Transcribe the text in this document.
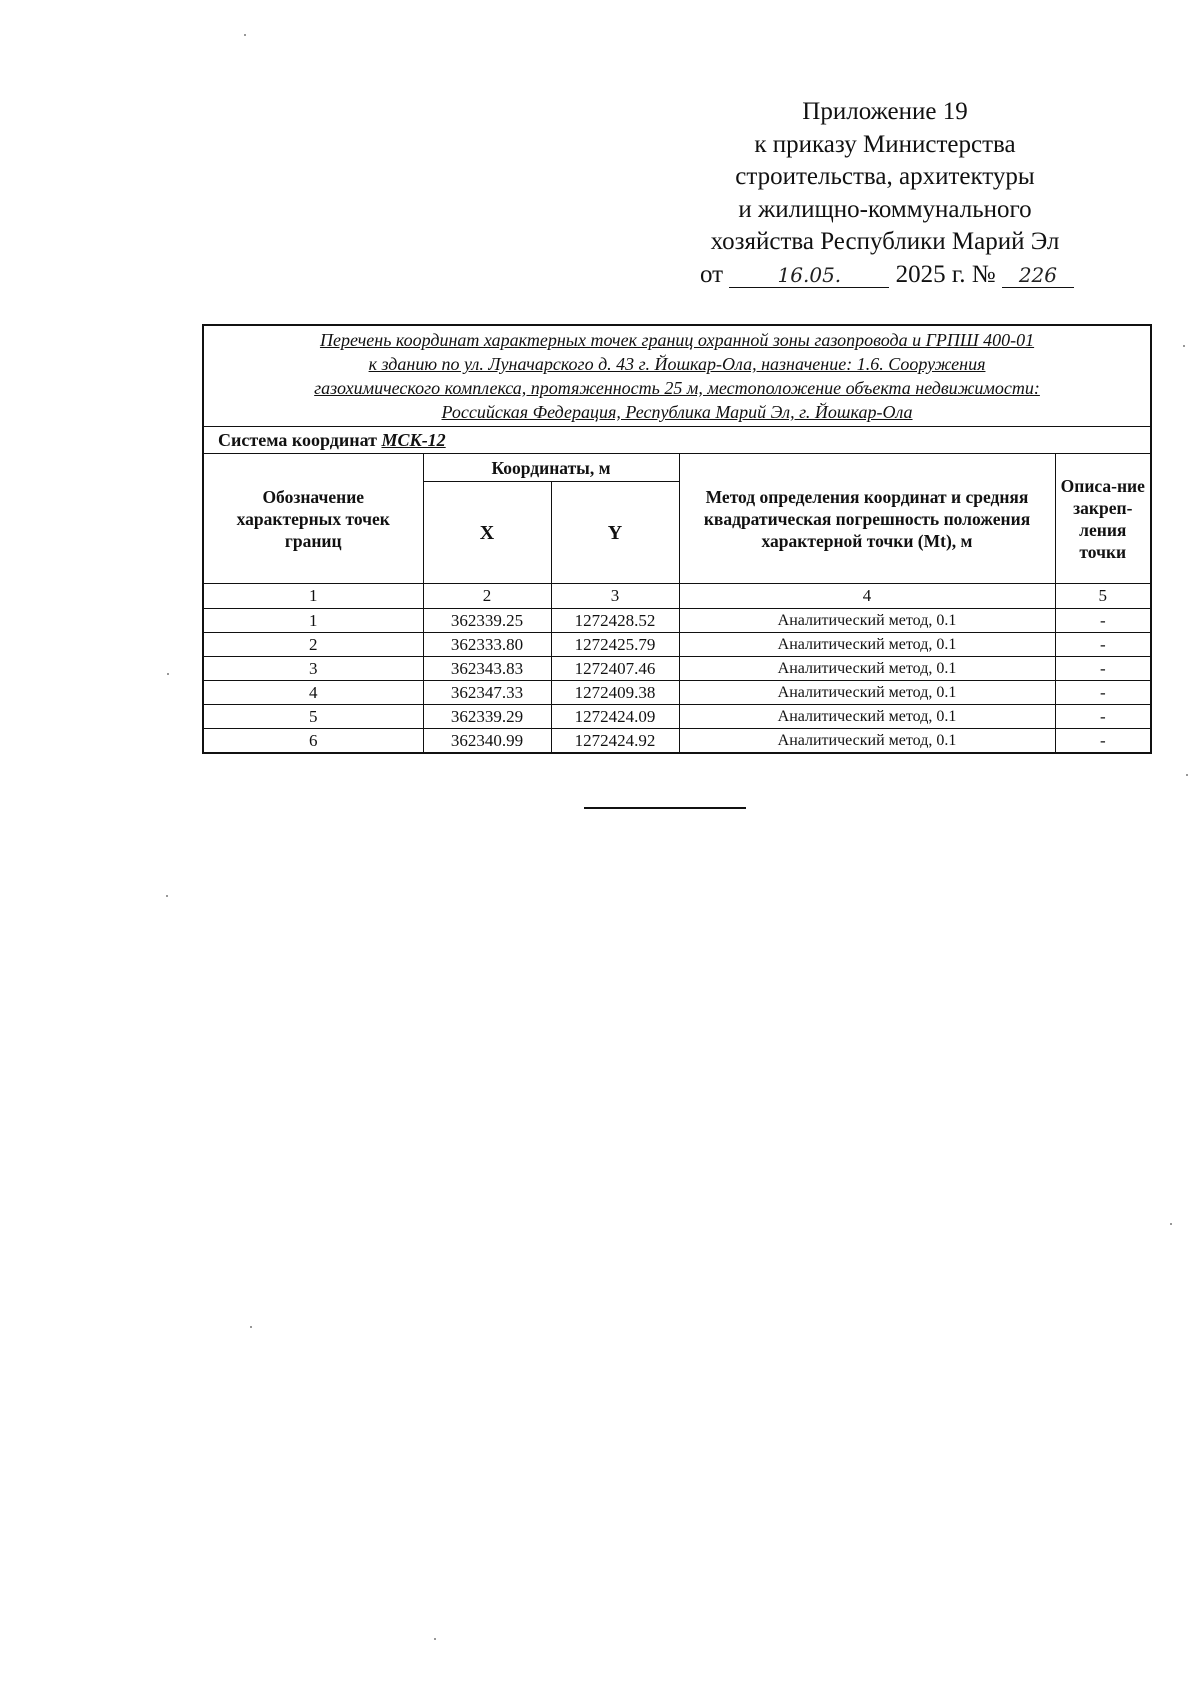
Приложение 19
к приказу Министерства
строительства, архитектуры
и жилищно-коммунального
хозяйства Республики Марий Эл
от	16.05. 2025 г. № 226
Перечень координат характерных точек границ охранной зоны газопровода и ГРПШ 400-01
к зданию по ул. Луначарского д. 43 г. Йошкар-Ола, назначение: 1.6. Сооружения
газохимического комплекса, протяженность 25 м, местоположение объекта недвижимости:
Российская Федерация, Республика Марий Эл, г. Йошкар-Ола				
Система координат МСК-12				
Обозначение характерных точек границ	Координаты, м		Метод определения координат и средняя квадратическая погрешность положения характерной точки (Mt), м	Описа-ние закреп-ления точки
	X	Y		
1	2	3	4	5
1	362339.25	1272428.52	Аналитический метод, 0.1	-
2	362333.80	1272425.79	Аналитический метод, 0.1	-
3	362343.83	1272407.46	Аналитический метод, 0.1	-
4	362347.33	1272409.38	Аналитический метод, 0.1	-
5	362339.29	1272424.09	Аналитический метод, 0.1	-
6	362340.99	1272424.92	Аналитический метод, 0.1	-
